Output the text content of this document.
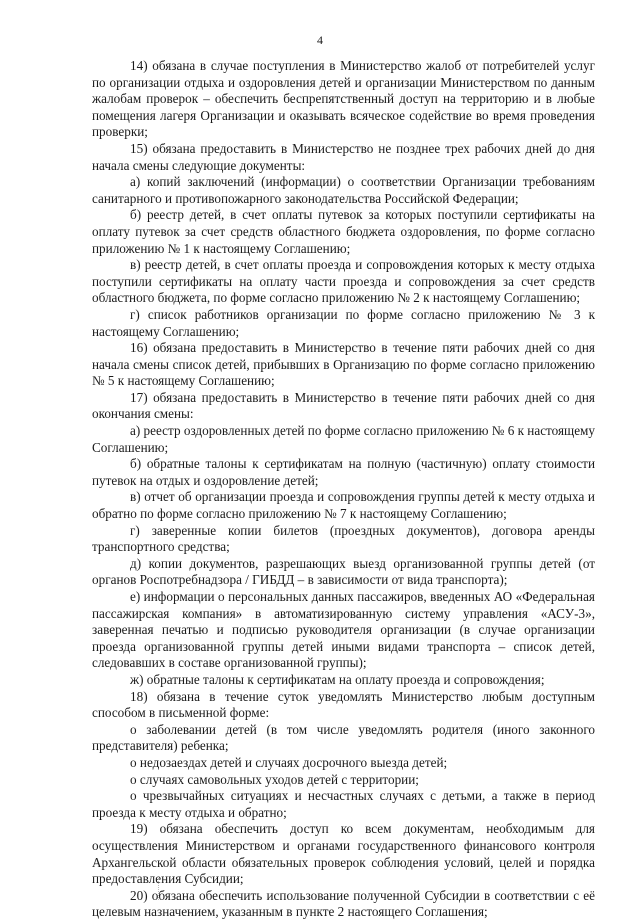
4

14) обязана в случае поступления в Министерство жалоб от потребителей услуг по организации отдыха и оздоровления детей и организации Министерством по данным жалобам проверок – обеспечить беспрепятственный доступ на территорию и в любые помещения лагеря Организации и оказывать всяческое содействие во время проведения проверки;

15) обязана предоставить в Министерство не позднее трех рабочих дней до дня начала смены следующие документы:

а) копий заключений (информации) о соответствии Организации требованиям санитарного и противопожарного законодательства Российской Федерации;

б) реестр детей, в счет оплаты путевок за которых поступили сертификаты на оплату путевок за счет средств областного бюджета оздоровления, по форме согласно приложению № 1 к настоящему Соглашению;

в) реестр детей, в счет оплаты проезда и сопровождения которых к месту отдыха поступили сертификаты на оплату части проезда и сопровождения за счет средств областного бюджета, по форме согласно приложению № 2 к настоящему Соглашению;

г) список работников организации по форме согласно приложению № 3 к настоящему Соглашению;

16) обязана предоставить в Министерство в течение пяти рабочих дней со дня начала смены список детей, прибывших в Организацию по форме согласно приложению № 5 к настоящему Соглашению;

17) обязана предоставить в Министерство в течение пяти рабочих дней со дня окончания смены:

а) реестр оздоровленных детей по форме согласно приложению № 6 к настоящему Соглашению;

б) обратные талоны к сертификатам на полную (частичную) оплату стоимости путевок на отдых и оздоровление детей;

в) отчет об организации проезда и сопровождения группы детей к месту отдыха и обратно по форме согласно приложению № 7 к настоящему Соглашению;

г) заверенные копии билетов (проездных документов), договора аренды транспортного средства;

д) копии документов, разрешающих выезд организованной группы детей (от органов Роспотребнадзора / ГИБДД – в зависимости от вида транспорта);

е) информации о персональных данных пассажиров, введенных АО «Федеральная пассажирская компания» в автоматизированную систему управления «АСУ-3», заверенная печатью и подписью руководителя организации (в случае организации проезда организованной группы детей иными видами транспорта – список детей, следовавших в составе организованной группы);

ж) обратные талоны к сертификатам на оплату проезда и сопровождения;

18) обязана в течение суток уведомлять Министерство любым доступным способом в письменной форме:

о заболевании детей (в том числе уведомлять родителя (иного законного представителя) ребенка;

о недозаездах детей и случаях досрочного выезда детей;

о случаях самовольных уходов детей с территории;

о чрезвычайных ситуациях и несчастных случаях с детьми, а также в период проезда к месту отдыха и обратно;

19) обязана обеспечить доступ ко всем документам, необходимым для осуществления Министерством и органами государственного финансового контроля Архангельской области обязательных проверок соблюдения условий, целей и порядка предоставления Субсидии;

20) обязана обеспечить использование полученной Субсидии в соответствии с её целевым назначением, указанным в пункте 2 настоящего Соглашения;
